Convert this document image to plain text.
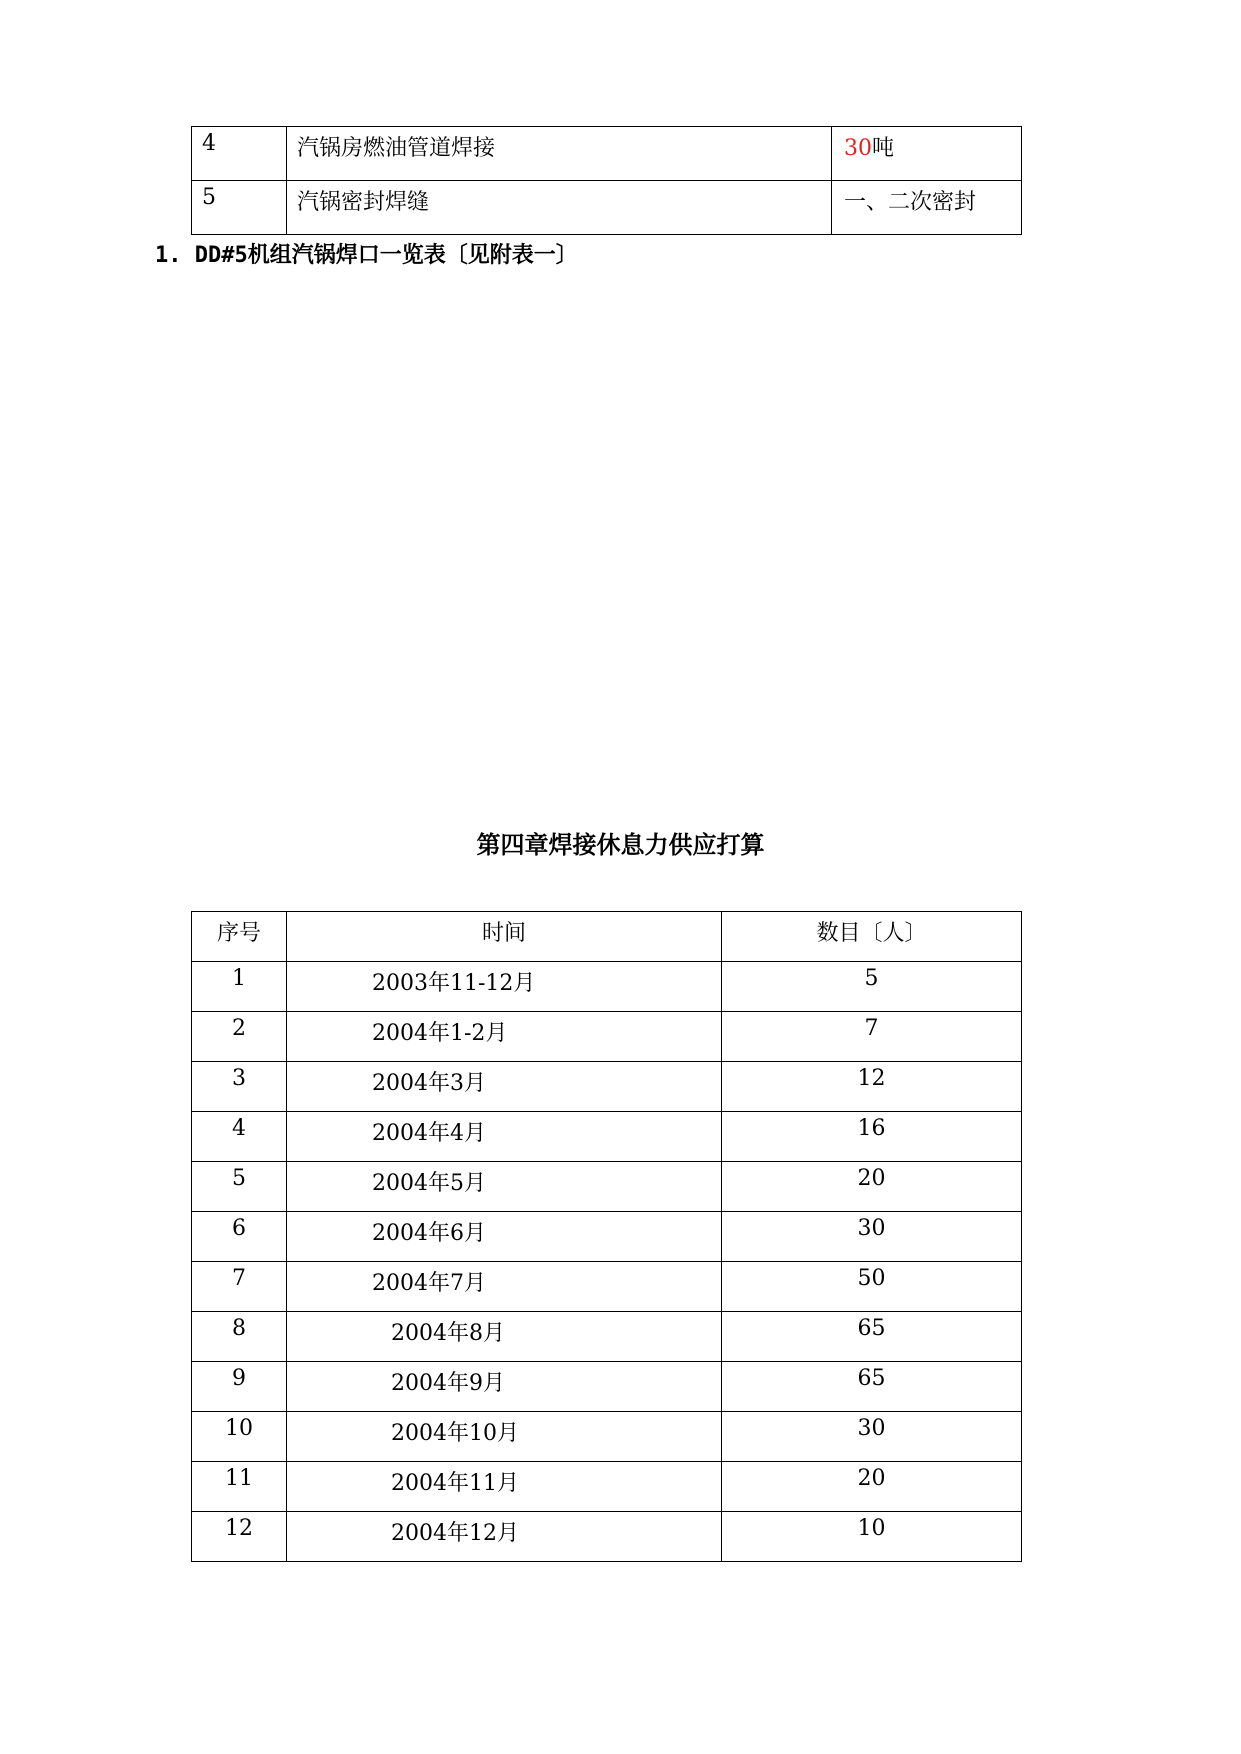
4	汽锅房燃油管道焊接	30吨
5	汽锅密封焊缝	一、二次密封
1. DD#5机组汽锅焊口一览表〔见附表一〕
第四章焊接休息力供应打算
序号	时间	数目〔人〕
1	2003年11-12月	5
2	2004年1-2月	7
3	2004年3月	12
4	2004年4月	16
5	2004年5月	20
6	2004年6月	30
7	2004年7月	50
8	2004年8月	65
9	2004年9月	65
10	2004年10月	30
11	2004年11月	20
12	2004年12月	10
